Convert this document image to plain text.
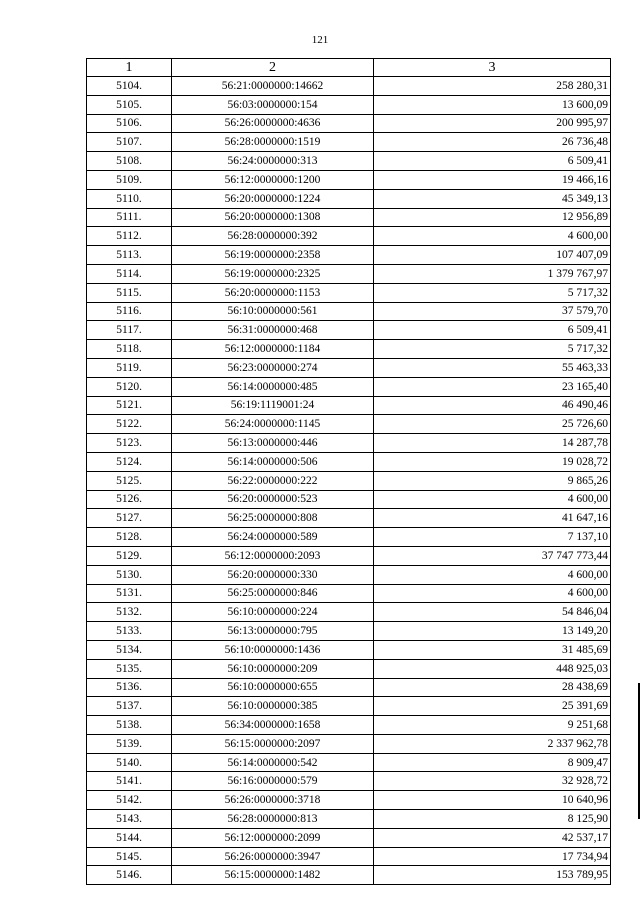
121
1	2	3
5104.	56:21:0000000:14662	258 280,31
5105.	56:03:0000000:154	13 600,09
5106.	56:26:0000000:4636	200 995,97
5107.	56:28:0000000:1519	26 736,48
5108.	56:24:0000000:313	6 509,41
5109.	56:12:0000000:1200	19 466,16
5110.	56:20:0000000:1224	45 349,13
5111.	56:20:0000000:1308	12 956,89
5112.	56:28:0000000:392	4 600,00
5113.	56:19:0000000:2358	107 407,09
5114.	56:19:0000000:2325	1 379 767,97
5115.	56:20:0000000:1153	5 717,32
5116.	56:10:0000000:561	37 579,70
5117.	56:31:0000000:468	6 509,41
5118.	56:12:0000000:1184	5 717,32
5119.	56:23:0000000:274	55 463,33
5120.	56:14:0000000:485	23 165,40
5121.	56:19:1119001:24	46 490,46
5122.	56:24:0000000:1145	25 726,60
5123.	56:13:0000000:446	14 287,78
5124.	56:14:0000000:506	19 028,72
5125.	56:22:0000000:222	9 865,26
5126.	56:20:0000000:523	4 600,00
5127.	56:25:0000000:808	41 647,16
5128.	56:24:0000000:589	7 137,10
5129.	56:12:0000000:2093	37 747 773,44
5130.	56:20:0000000:330	4 600,00
5131.	56:25:0000000:846	4 600,00
5132.	56:10:0000000:224	54 846,04
5133.	56:13:0000000:795	13 149,20
5134.	56:10:0000000:1436	31 485,69
5135.	56:10:0000000:209	448 925,03
5136.	56:10:0000000:655	28 438,69
5137.	56:10:0000000:385	25 391,69
5138.	56:34:0000000:1658	9 251,68
5139.	56:15:0000000:2097	2 337 962,78
5140.	56:14:0000000:542	8 909,47
5141.	56:16:0000000:579	32 928,72
5142.	56:26:0000000:3718	10 640,96
5143.	56:28:0000000:813	8 125,90
5144.	56:12:0000000:2099	42 537,17
5145.	56:26:0000000:3947	17 734,94
5146.	56:15:0000000:1482	153 789,95
